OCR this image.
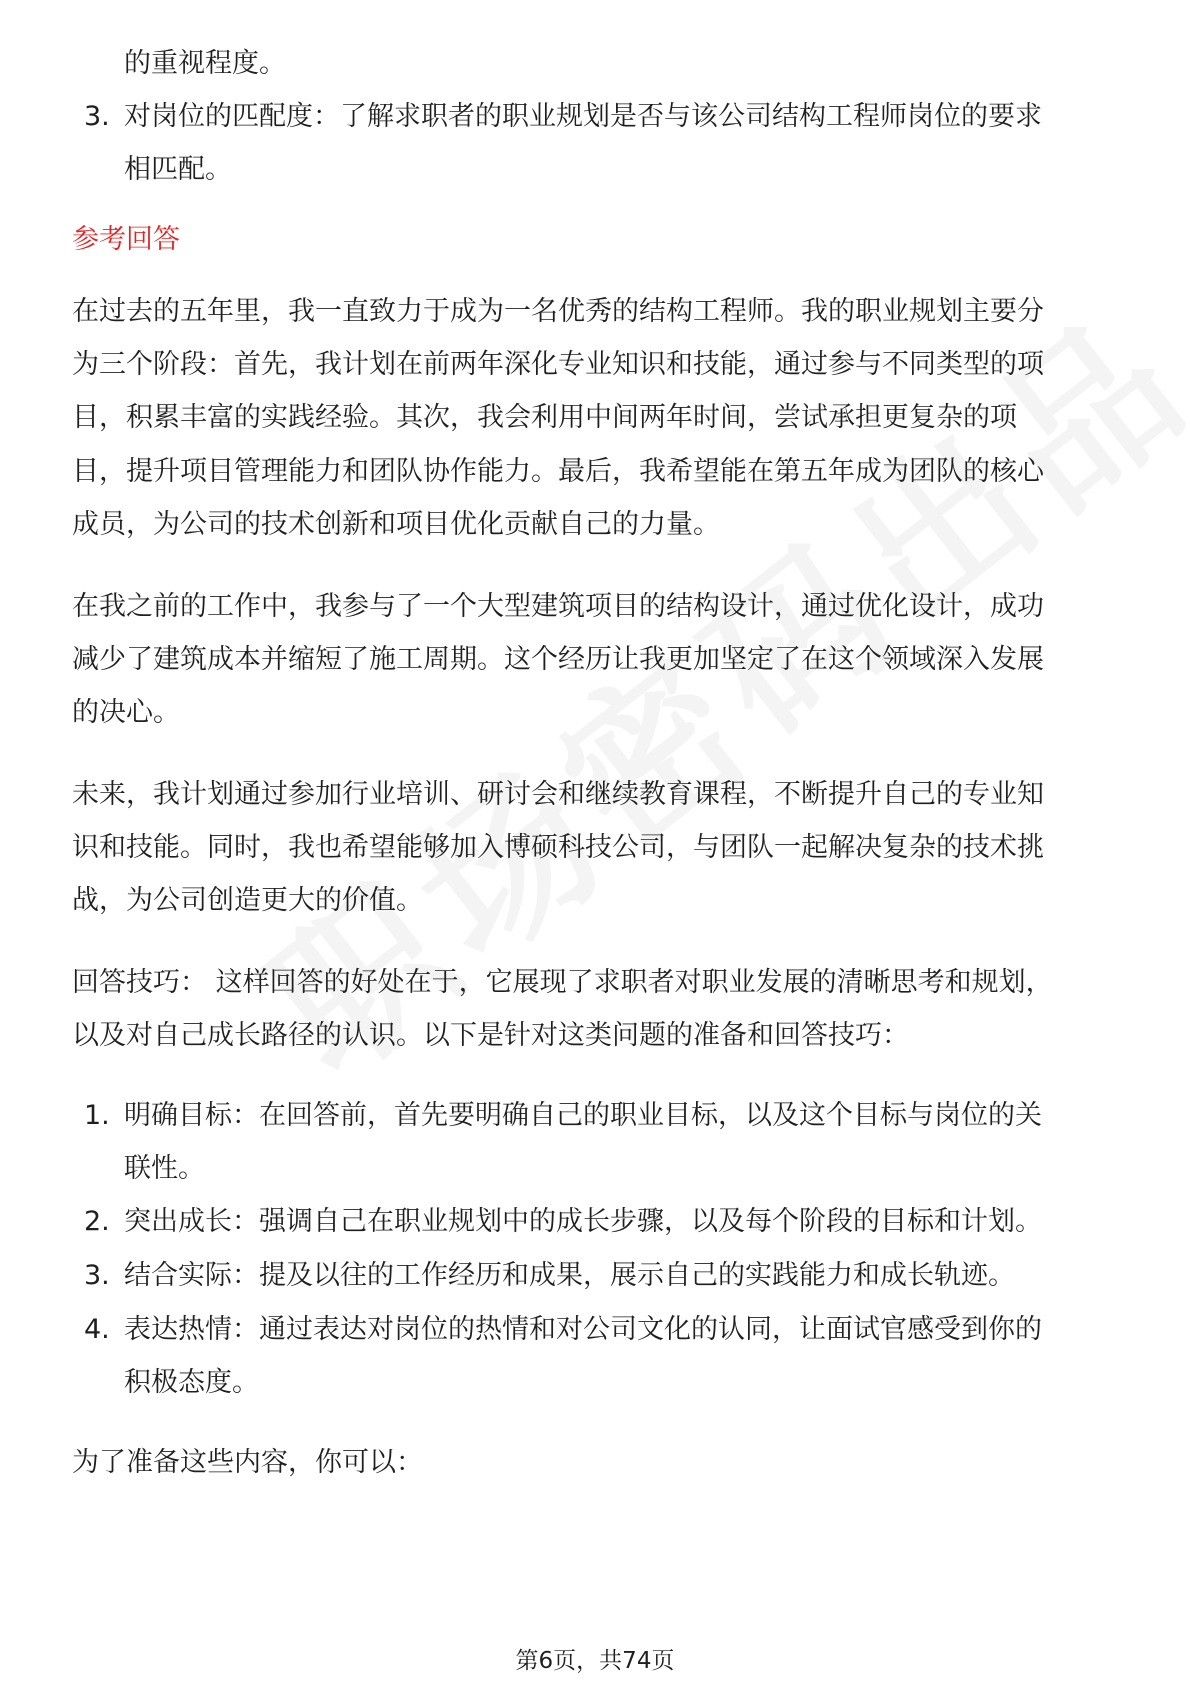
的重视程度。
3. 对岗位的匹配度：了解求职者的职业规划是否与该公司结构工程师岗位的要求
相匹配。
参考回答
在过去的五年里，我一直致力于成为一名优秀的结构工程师。我的职业规划主要分
为三个阶段：首先，我计划在前两年深化专业知识和技能，通过参与不同类型的项
目，积累丰富的实践经验。其次，我会利用中间两年时间，尝试承担更复杂的项
目，提升项目管理能力和团队协作能力。最后，我希望能在第五年成为团队的核心
成员，为公司的技术创新和项目优化贡献自己的力量。
在我之前的工作中，我参与了一个大型建筑项目的结构设计，通过优化设计，成功
减少了建筑成本并缩短了施工周期。这个经历让我更加坚定了在这个领域深入发展
的决心。
未来，我计划通过参加行业培训、研讨会和继续教育课程，不断提升自己的专业知
识和技能。同时，我也希望能够加入博硕科技公司，与团队一起解决复杂的技术挑
战，为公司创造更大的价值。
回答技巧： 这样回答的好处在于，它展现了求职者对职业发展的清晰思考和规划，
以及对自己成长路径的认识。以下是针对这类问题的准备和回答技巧：
1. 明确目标：在回答前，首先要明确自己的职业目标，以及这个目标与岗位的关
联性。
2. 突出成长：强调自己在职业规划中的成长步骤，以及每个阶段的目标和计划。
3. 结合实际：提及以往的工作经历和成果，展示自己的实践能力和成长轨迹。
4. 表达热情：通过表达对岗位的热情和对公司文化的认同，让面试官感受到你的
积极态度。
为了准备这些内容，你可以：
第6页，共74页
